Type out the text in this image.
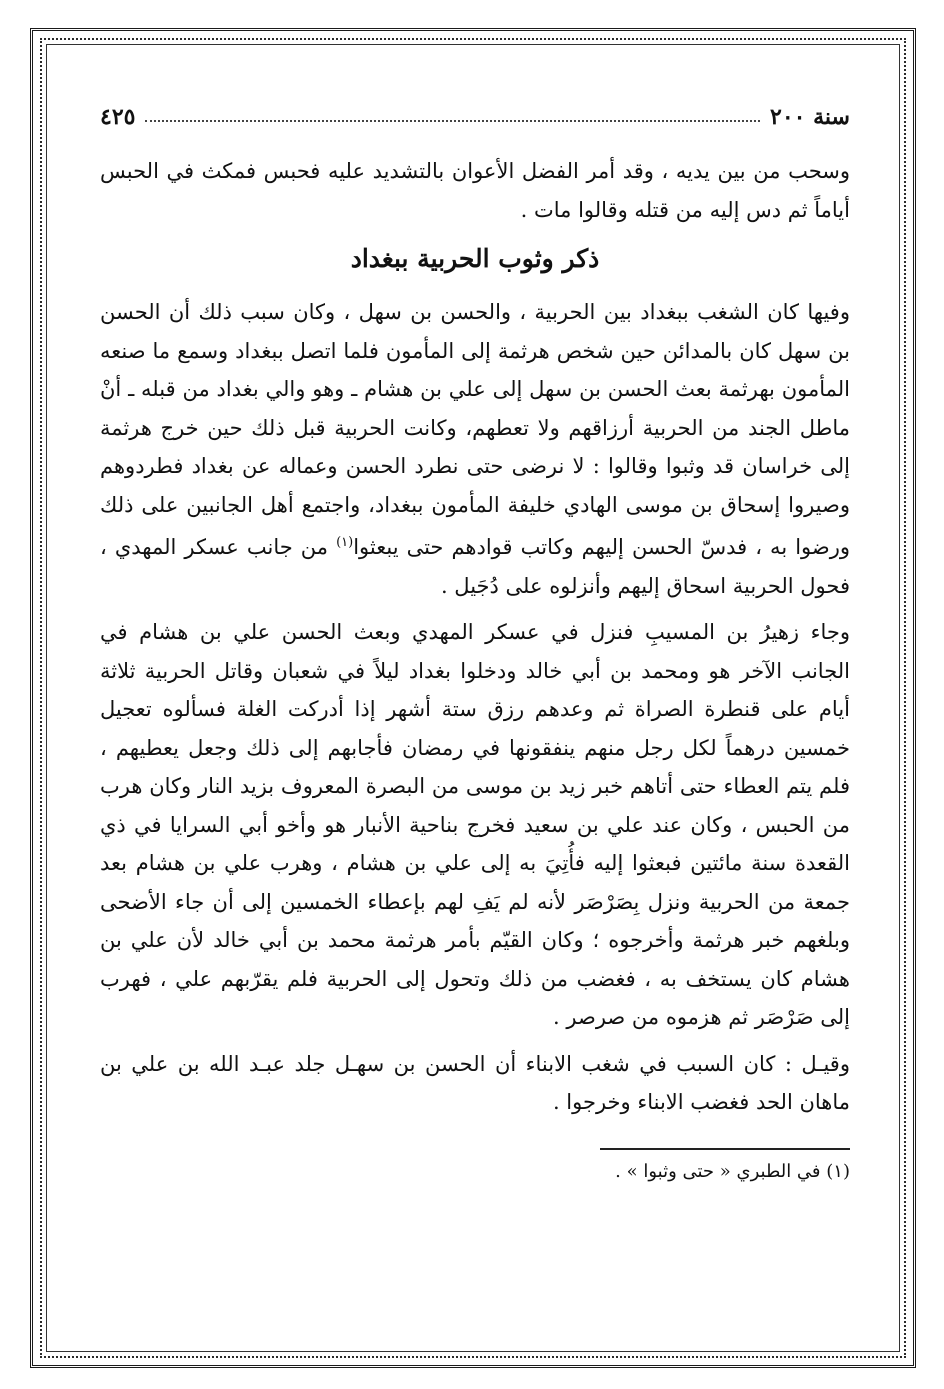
سنة ٢٠٠
٤٢٥

وسحب من بين يديه ، وقد أمر الفضل الأعوان بالتشديد عليه فحبس فمكث في الحبس أياماً ثم دس إليه من قتله وقالوا مات .

ذكر وثوب الحربية ببغداد

وفيها كان الشغب ببغداد بين الحربية ، والحسن بن سهل ، وكان سبب ذلك أن الحسن بن سهل كان بالمدائن حين شخص هرثمة إلى المأمون فلما اتصل ببغداد وسمع ما صنعه المأمون بهرثمة بعث الحسن بن سهل إلى علي بن هشام ـ وهو والي بغداد من قبله ـ أنْ ماطل الجند من الحربية أرزاقهم ولا تعطهم، وكانت الحربية قبل ذلك حين خرج هرثمة إلى خراسان قد وثبوا وقالوا : لا نرضى حتى نطرد الحسن وعماله عن بغداد فطردوهم وصيروا إسحاق بن موسى الهادي خليفة المأمون ببغداد، واجتمع أهل الجانبين على ذلك ورضوا به ، فدسّ الحسن إليهم وكاتب قوادهم حتى يبعثوا$^{(١)}$ من جانب عسكر المهدي ، فحول الحربية اسحاق إليهم وأنزلوه على دُجَيل .

وجاء زهيرُ بن المسيبِ فنزل في عسكر المهدي وبعث الحسن علي بن هشام في الجانب الآخر هو ومحمد بن أبي خالد ودخلوا بغداد ليلاً في شعبان وقاتل الحربية ثلاثة أيام على قنطرة الصراة ثم وعدهم رزق ستة أشهر إذا أدركت الغلة فسألوه تعجيل خمسين درهماً لكل رجل منهم ينفقونها في رمضان فأجابهم إلى ذلك وجعل يعطيهم ، فلم يتم العطاء حتى أتاهم خبر زيد بن موسى من البصرة المعروف بزيد النار وكان هرب من الحبس ، وكان عند علي بن سعيد فخرج بناحية الأنبار هو وأخو أبي السرايا في ذي القعدة سنة مائتين فبعثوا إليه فأُتِيَ به إلى علي بن هشام ، وهرب علي بن هشام بعد جمعة من الحربية ونزل بِصَرْصَر لأنه لم يَفِ لهم بإعطاء الخمسين إلى أن جاء الأضحى وبلغهم خبر هرثمة وأخرجوه ؛ وكان القيّم بأمر هرثمة محمد بن أبي خالد لأن علي بن هشام كان يستخف به ، فغضب من ذلك وتحول إلى الحربية فلم يقرّبهم علي ، فهرب إلى صَرْصَر ثم هزموه من صرصر .

وقيـل : كان السبب في شغب الابناء أن الحسن بن سهـل جلد عبـد الله بن علي بن ماهان الحد فغضب الابناء وخرجوا .

(١) في الطبري « حتى وثبوا » .
